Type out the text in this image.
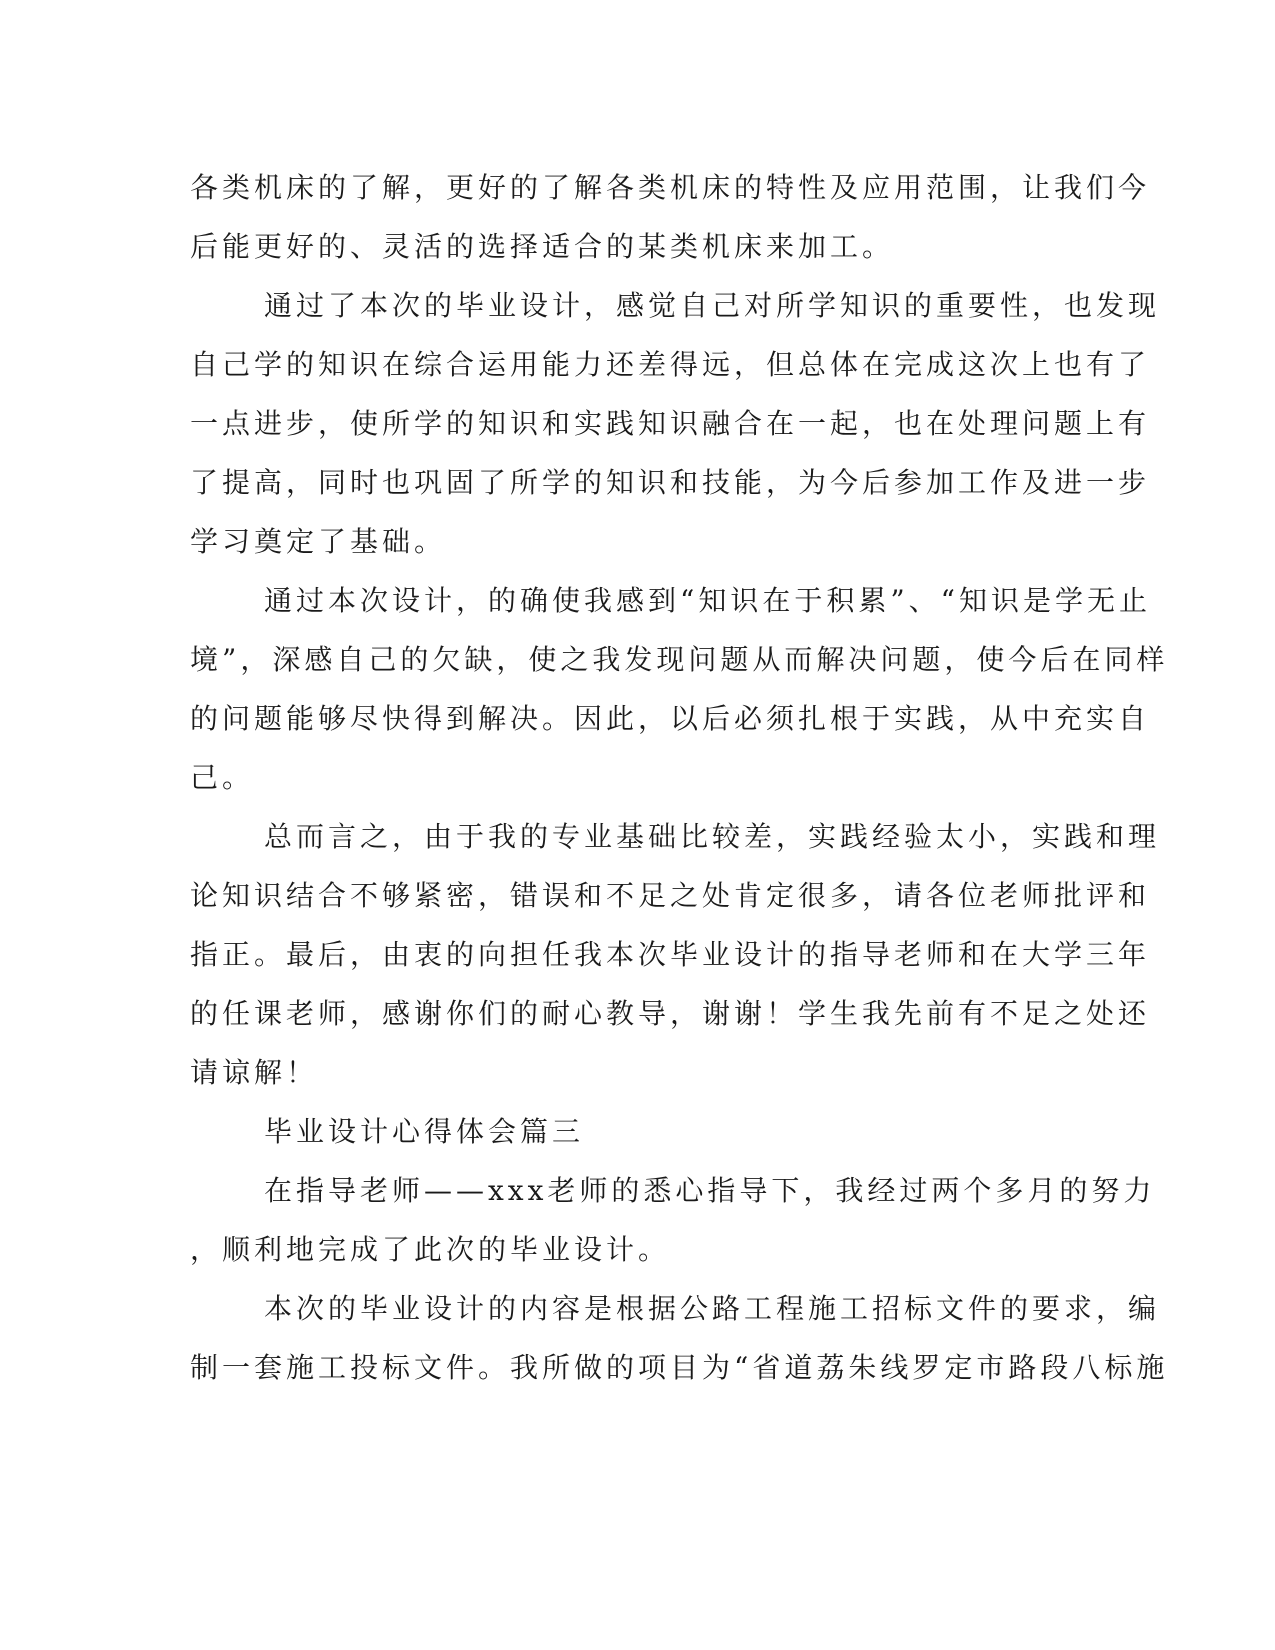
各类机床的了解，更好的了解各类机床的特性及应用范围，让我们今
后能更好的、灵活的选择适合的某类机床来加工。
通过了本次的毕业设计，感觉自己对所学知识的重要性，也发现
自己学的知识在综合运用能力还差得远，但总体在完成这次上也有了
一点进步，使所学的知识和实践知识融合在一起，也在处理问题上有
了提高，同时也巩固了所学的知识和技能，为今后参加工作及进一步
学习奠定了基础。
通过本次设计，的确使我感到“知识在于积累”、“知识是学无止
境”，深感自己的欠缺，使之我发现问题从而解决问题，使今后在同样
的问题能够尽快得到解决。因此，以后必须扎根于实践，从中充实自
己。
总而言之，由于我的专业基础比较差，实践经验太小，实践和理
论知识结合不够紧密，错误和不足之处肯定很多，请各位老师批评和
指正。最后，由衷的向担任我本次毕业设计的指导老师和在大学三年
的任课老师，感谢你们的耐心教导，谢谢！学生我先前有不足之处还
请谅解！
毕业设计心得体会篇三
在指导老师——xxx老师的悉心指导下，我经过两个多月的努力
，顺利地完成了此次的毕业设计。
本次的毕业设计的内容是根据公路工程施工招标文件的要求，编
制一套施工投标文件。我所做的项目为“省道荔朱线罗定市路段八标施
